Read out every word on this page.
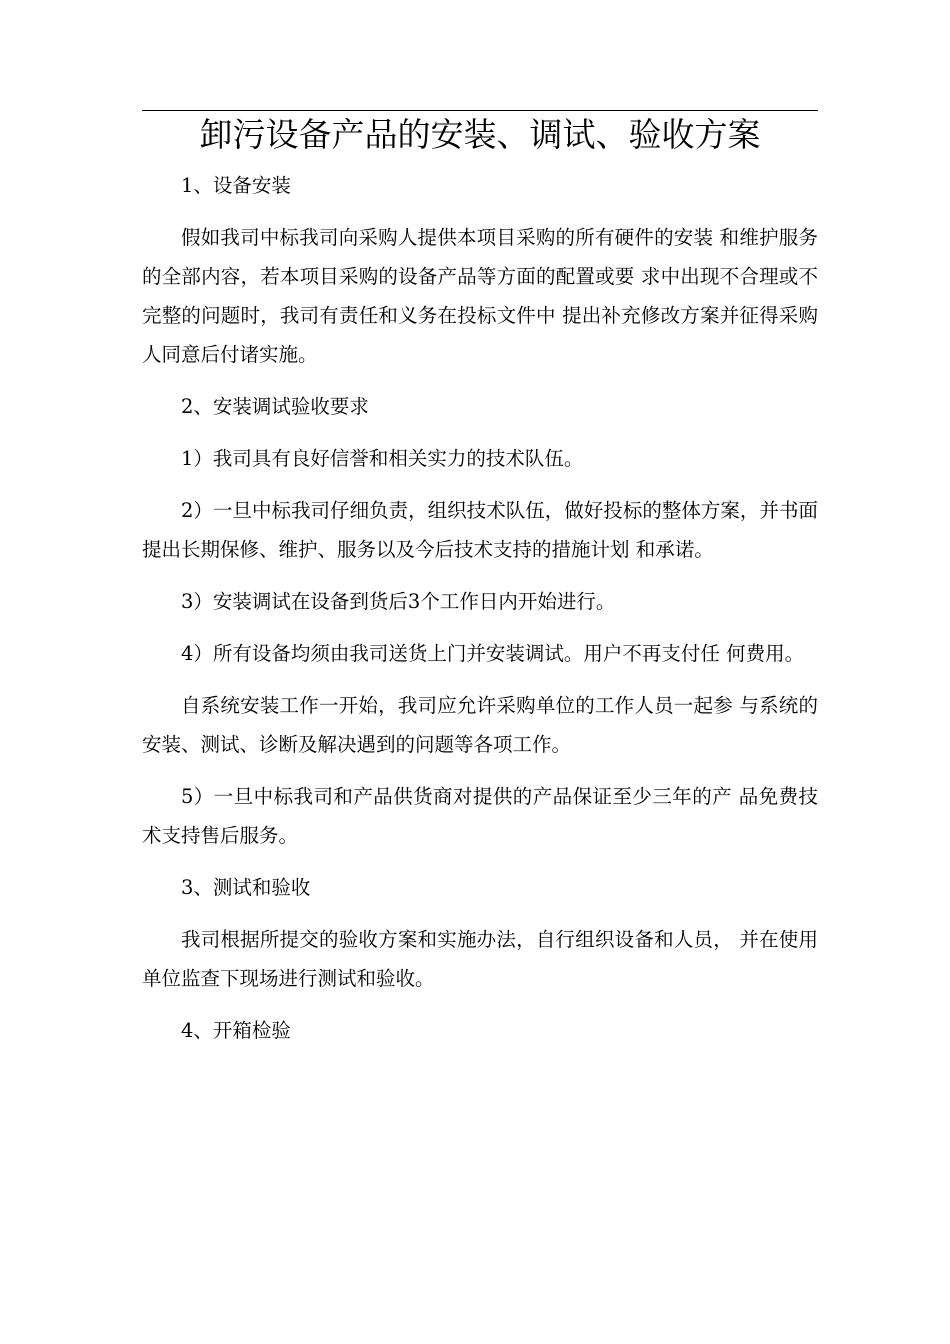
卸污设备产品的安装、调试、验收方案

1、设备安装

假如我司中标我司向采购人提供本项目采购的所有硬件的安装 和维护服务的全部内容，若本项目采购的设备产品等方面的配置或要 求中出现不合理或不完整的问题时，我司有责任和义务在投标文件中 提出补充修改方案并征得采购人同意后付诸实施。

2、安装调试验收要求

1）我司具有良好信誉和相关实力的技术队伍。

2）一旦中标我司仔细负责，组织技术队伍，做好投标的整体方案，并书面提出长期保修、维护、服务以及今后技术支持的措施计划 和承诺。

3）安装调试在设备到货后3个工作日内开始进行。

4）所有设备均须由我司送货上门并安装调试。用户不再支付任 何费用。

自系统安装工作一开始，我司应允许采购单位的工作人员一起参 与系统的安装、测试、诊断及解决遇到的问题等各项工作。

5）一旦中标我司和产品供货商对提供的产品保证至少三年的产 品免费技术支持售后服务。

3、测试和验收

我司根据所提交的验收方案和实施办法，自行组织设备和人员， 并在使用单位监查下现场进行测试和验收。

4、开箱检验
